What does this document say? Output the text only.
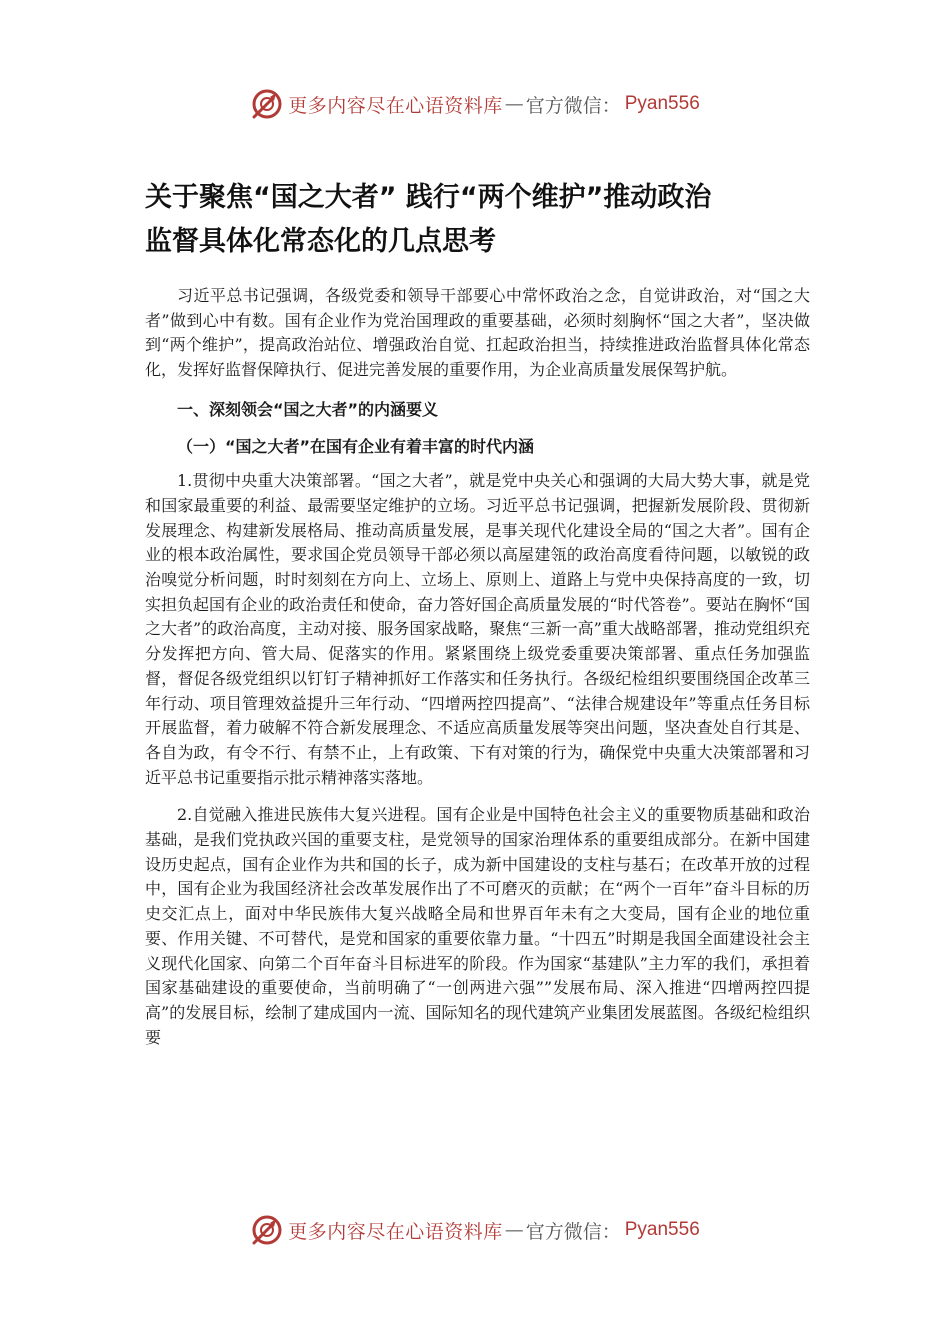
更多内容尽在心语资料库 — 官方微信： Pyan556
关于聚焦“国之大者” 践行“两个维护”推动政治
监督具体化常态化的几点思考

习近平总书记强调，各级党委和领导干部要心中常怀政治之念，自觉讲政治，对“国之大者”做到心中有数。国有企业作为党治国理政的重要基础，必须时刻胸怀“国之大者”，坚决做到“两个维护”，提高政治站位、增强政治自觉、扛起政治担当，持续推进政治监督具体化常态化，发挥好监督保障执行、促进完善发展的重要作用，为企业高质量发展保驾护航。

一、深刻领会“国之大者”的内涵要义

（一）“国之大者”在国有企业有着丰富的时代内涵

1.贯彻中央重大决策部署。“国之大者”，就是党中央关心和强调的大局大势大事，就是党和国家最重要的利益、最需要坚定维护的立场。习近平总书记强调，把握新发展阶段、贯彻新发展理念、构建新发展格局、推动高质量发展，是事关现代化建设全局的“国之大者”。国有企业的根本政治属性，要求国企党员领导干部必须以高屋建瓴的政治高度看待问题，以敏锐的政治嗅觉分析问题，时时刻刻在方向上、立场上、原则上、道路上与党中央保持高度的一致，切实担负起国有企业的政治责任和使命，奋力答好国企高质量发展的“时代答卷”。要站在胸怀“国之大者”的政治高度，主动对接、服务国家战略，聚焦“三新一高”重大战略部署，推动党组织充分发挥把方向、管大局、促落实的作用。紧紧围绕上级党委重要决策部署、重点任务加强监督，督促各级党组织以钉钉子精神抓好工作落实和任务执行。各级纪检组织要围绕国企改革三年行动、项目管理效益提升三年行动、“四增两控四提高”、“法律合规建设年”等重点任务目标开展监督，着力破解不符合新发展理念、不适应高质量发展等突出问题，坚决查处自行其是、各自为政，有令不行、有禁不止，上有政策、下有对策的行为，确保党中央重大决策部署和习近平总书记重要指示批示精神落实落地。

2.自觉融入推进民族伟大复兴进程。国有企业是中国特色社会主义的重要物质基础和政治基础，是我们党执政兴国的重要支柱，是党领导的国家治理体系的重要组成部分。在新中国建设历史起点，国有企业作为共和国的长子，成为新中国建设的支柱与基石；在改革开放的过程中，国有企业为我国经济社会改革发展作出了不可磨灭的贡献；在“两个一百年”奋斗目标的历史交汇点上，面对中华民族伟大复兴战略全局和世界百年未有之大变局，国有企业的地位重要、作用关键、不可替代，是党和国家的重要依靠力量。“十四五”时期是我国全面建设社会主义现代化国家、向第二个百年奋斗目标进军的阶段。作为国家“基建队”主力军的我们，承担着国家基础建设的重要使命，当前明确了“一创两进六强””发展布局、深入推进“四增两控四提高”的发展目标，绘制了建成国内一流、国际知名的现代建筑产业集团发展蓝图。各级纪检组织要

更多内容尽在心语资料库 — 官方微信： Pyan556
